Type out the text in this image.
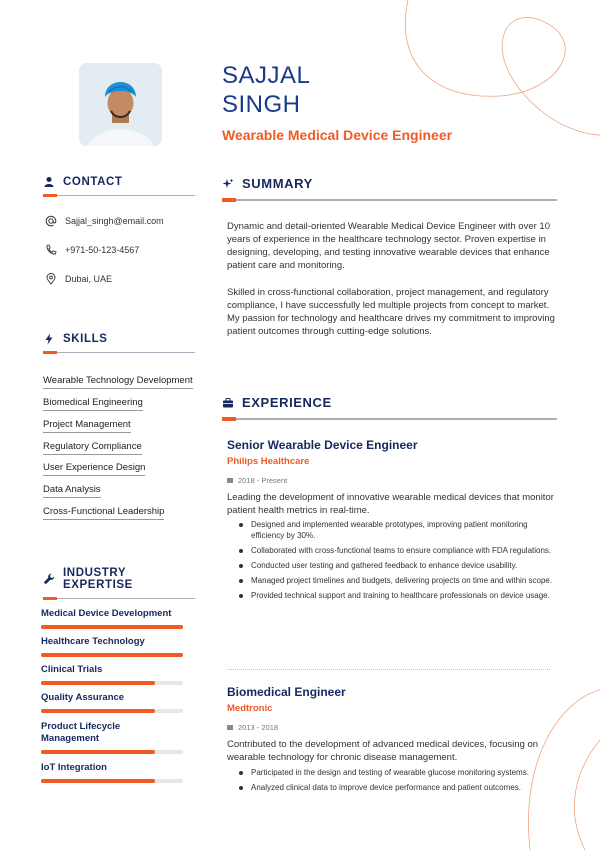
SAJJAL
SINGH
Wearable Medical Device Engineer
CONTACT
Sajjal_singh@email.com
+971-50-123-4567
Dubai, UAE
SKILLS
Wearable Technology Development
Biomedical Engineering
Project Management
Regulatory Compliance
User Experience Design
Data Analysis
Cross-Functional Leadership
INDUSTRY EXPERTISE
Medical Device Development
Healthcare Technology
Clinical Trials
Quality Assurance
Product Lifecycle Management
IoT Integration
SUMMARY

Dynamic and detail-oriented Wearable Medical Device Engineer with over 10 years of experience in the healthcare technology sector. Proven expertise in designing, developing, and testing innovative wearable devices that enhance patient care and monitoring.

Skilled in cross-functional collaboration, project management, and regulatory compliance, I have successfully led multiple projects from concept to market. My passion for technology and healthcare drives my commitment to improving patient outcomes through cutting-edge solutions.

EXPERIENCE
Senior Wearable Device Engineer
Philips Healthcare
2018 - Present

Leading the development of innovative wearable medical devices that monitor patient health metrics in real-time.

Designed and implemented wearable prototypes, improving patient monitoring efficiency by 30%.
Collaborated with cross-functional teams to ensure compliance with FDA regulations.
Conducted user testing and gathered feedback to enhance device usability.
Managed project timelines and budgets, delivering projects on time and within scope.
Provided technical support and training to healthcare professionals on device usage.
Biomedical Engineer
Medtronic
2013 - 2018

Contributed to the development of advanced medical devices, focusing on wearable technology for chronic disease management.

Participated in the design and testing of wearable glucose monitoring systems.
Analyzed clinical data to improve device performance and patient outcomes.
